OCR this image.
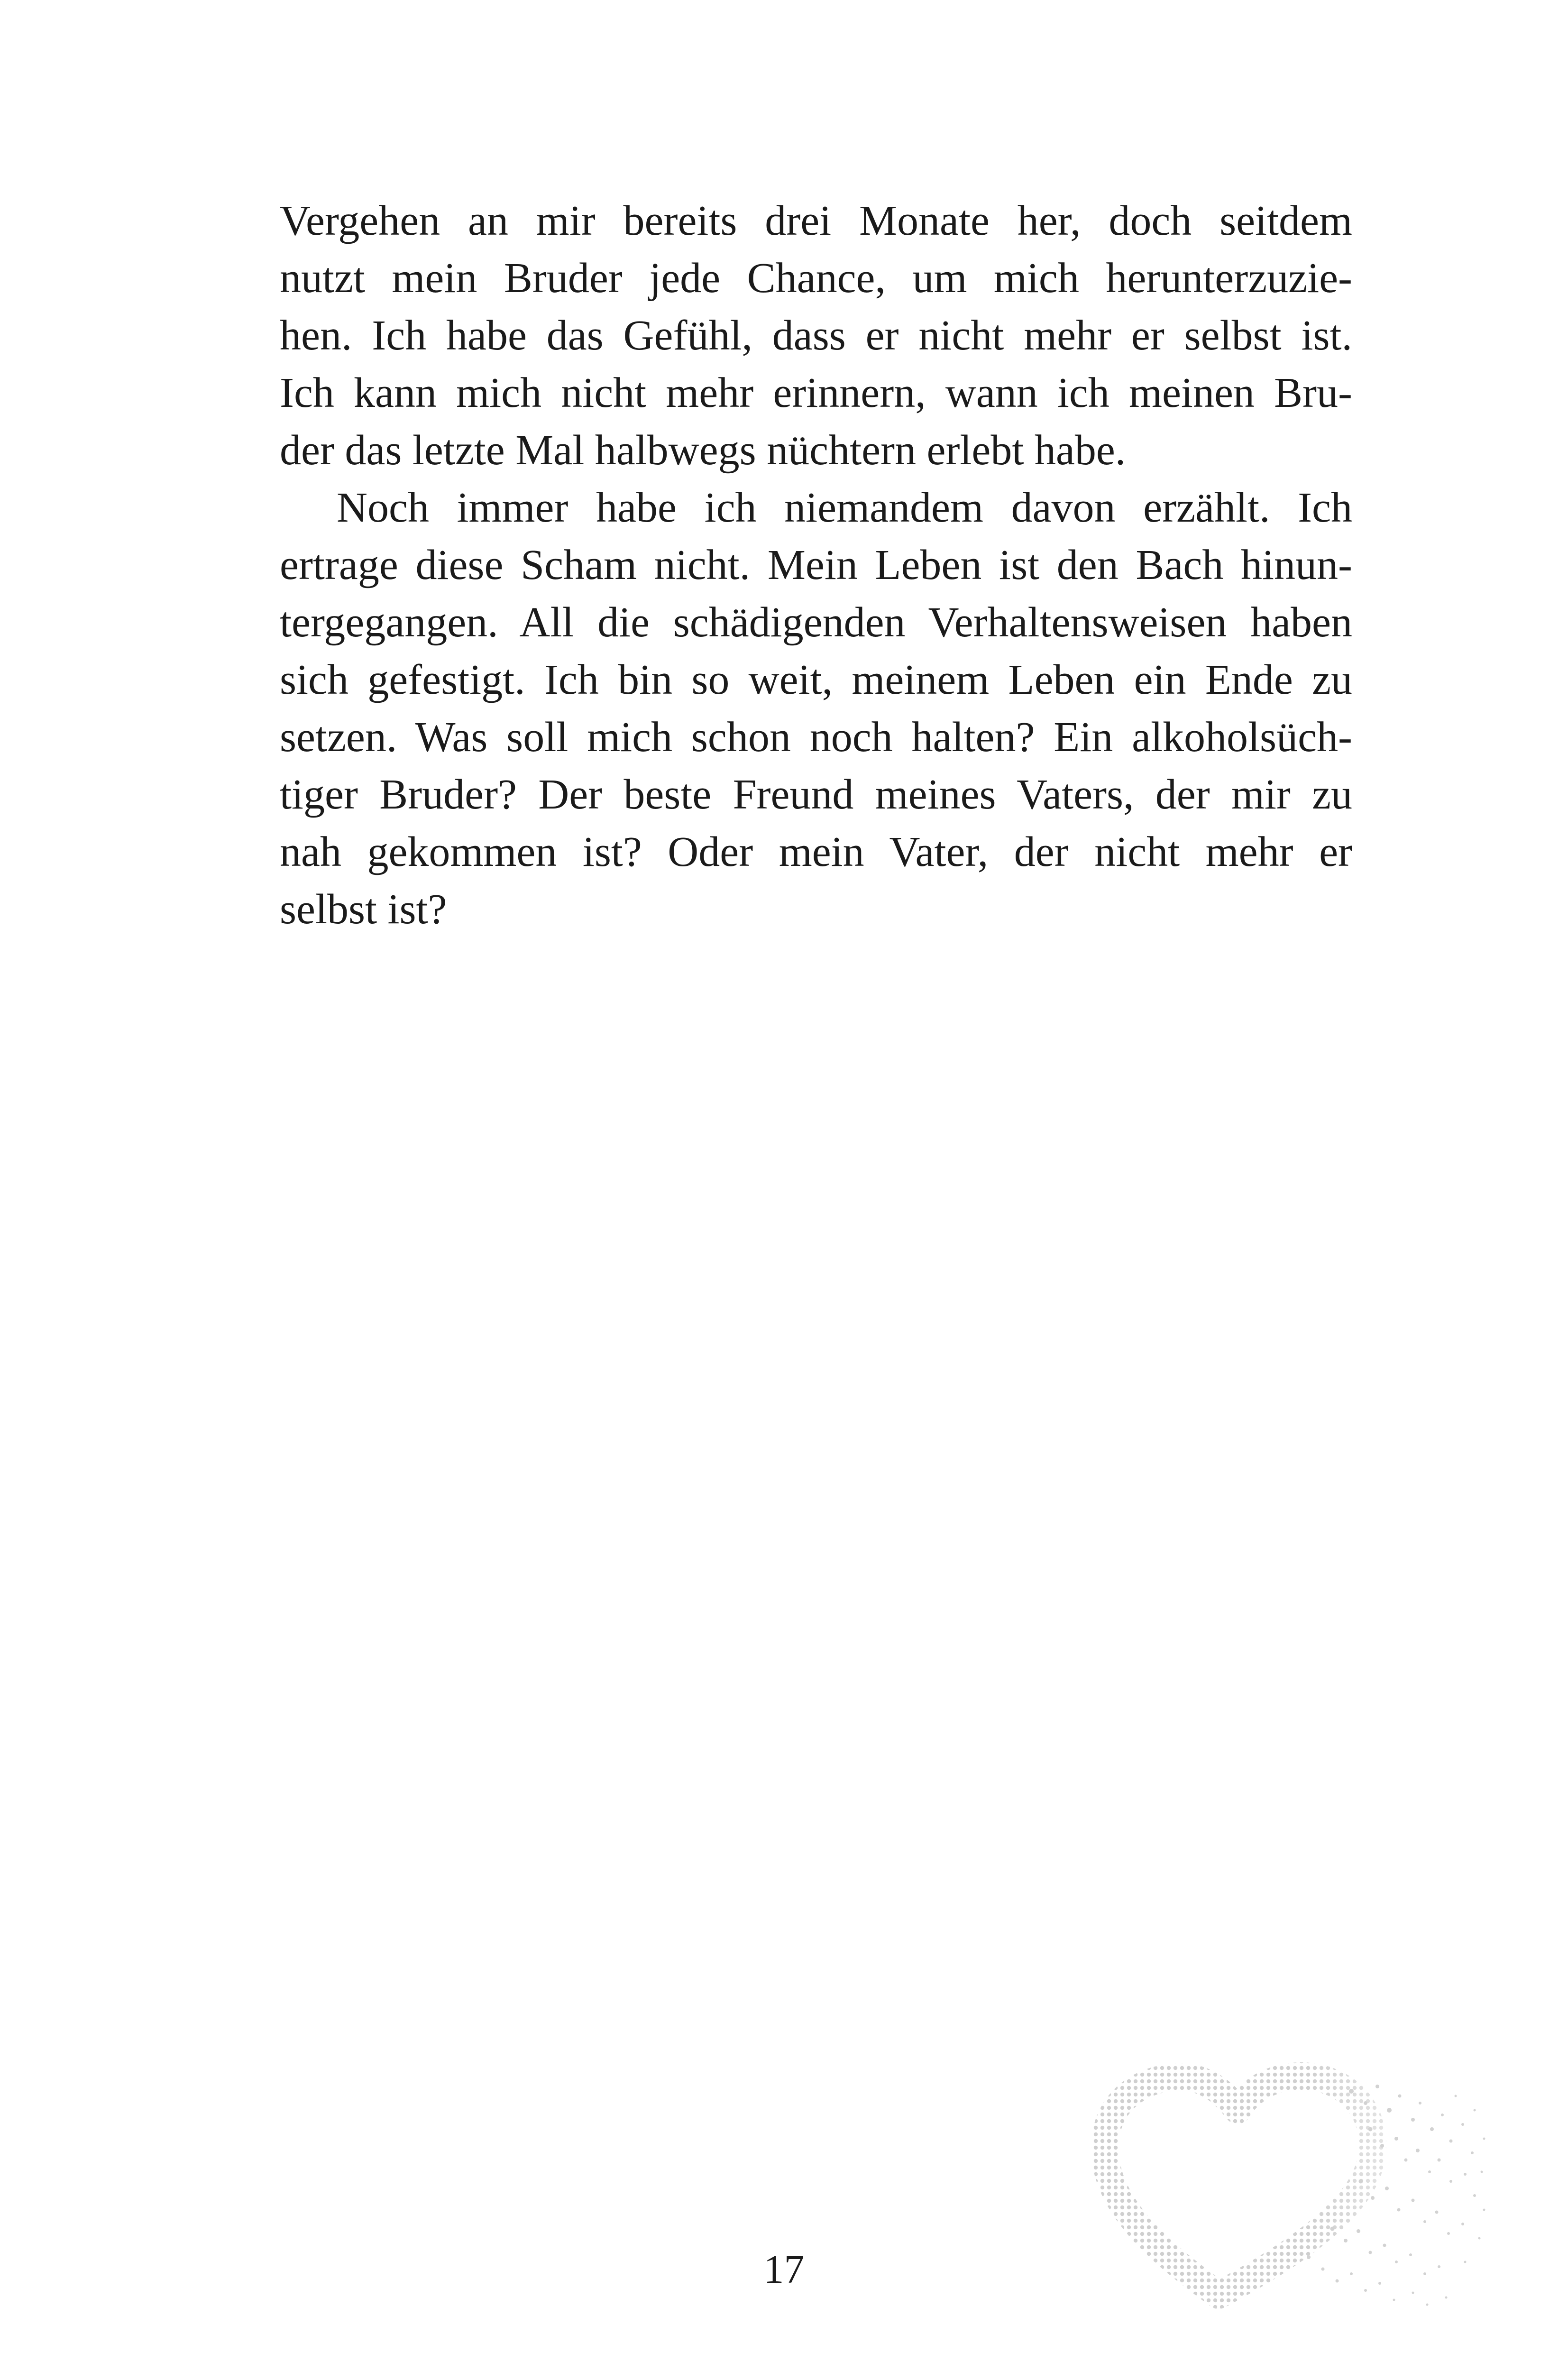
Vergehen an mir bereits drei Monate her, doch seitdem
nutzt mein Bruder jede Chance, um mich herunterzuzie-
hen. Ich habe das Gefühl, dass er nicht mehr er selbst ist.
Ich kann mich nicht mehr erinnern, wann ich meinen Bru-
der das letzte Mal halbwegs nüchtern erlebt habe.
Noch immer habe ich niemandem davon erzählt. Ich
ertrage diese Scham nicht. Mein Leben ist den Bach hinun-
tergegangen. All die schädigenden Verhaltensweisen haben
sich gefestigt. Ich bin so weit, meinem Leben ein Ende zu
setzen. Was soll mich schon noch halten? Ein alkoholsüch-
tiger Bruder? Der beste Freund meines Vaters, der mir zu
nah gekommen ist? Oder mein Vater, der nicht mehr er
selbst ist?
17
